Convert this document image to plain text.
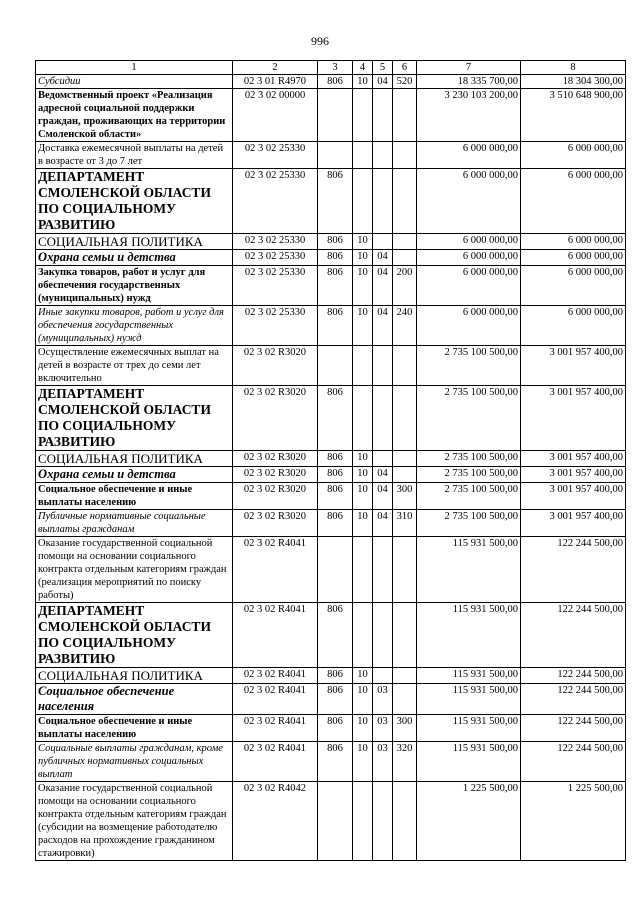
996
1	2	3	4	5	6	7	8
Субсидии	02 3 01 R4970	806	10	04	520	18 335 700,00	18 304 300,00
Ведомственный проект «Реализация адресной социальной поддержки граждан, проживающих на территории Смоленской области»	02 3 02 00000					3 230 103 200,00	3 510 648 900,00
Доставка ежемесячной выплаты на детей в возрасте от 3 до 7 лет	02 3 02 25330					6 000 000,00	6 000 000,00
ДЕПАРТАМЕНТ СМОЛЕНСКОЙ ОБЛАСТИ ПО СОЦИАЛЬНОМУ РАЗВИТИЮ	02 3 02 25330	806				6 000 000,00	6 000 000,00
СОЦИАЛЬНАЯ ПОЛИТИКА	02 3 02 25330	806	10			6 000 000,00	6 000 000,00
Охрана семьи и детства	02 3 02 25330	806	10	04		6 000 000,00	6 000 000,00
Закупка товаров, работ и услуг для обеспечения государственных (муниципальных) нужд	02 3 02 25330	806	10	04	200	6 000 000,00	6 000 000,00
Иные закупки товаров, работ и услуг для обеспечения государственных (муниципальных) нужд	02 3 02 25330	806	10	04	240	6 000 000,00	6 000 000,00
Осуществление ежемесячных выплат на детей в возрасте от трех до семи лет включительно	02 3 02 R3020					2 735 100 500,00	3 001 957 400,00
ДЕПАРТАМЕНТ СМОЛЕНСКОЙ ОБЛАСТИ ПО СОЦИАЛЬНОМУ РАЗВИТИЮ	02 3 02 R3020	806				2 735 100 500,00	3 001 957 400,00
СОЦИАЛЬНАЯ ПОЛИТИКА	02 3 02 R3020	806	10			2 735 100 500,00	3 001 957 400,00
Охрана семьи и детства	02 3 02 R3020	806	10	04		2 735 100 500,00	3 001 957 400,00
Социальное обеспечение и иные выплаты населению	02 3 02 R3020	806	10	04	300	2 735 100 500,00	3 001 957 400,00
Публичные нормативные социальные выплаты гражданам	02 3 02 R3020	806	10	04	310	2 735 100 500,00	3 001 957 400,00
Оказание государственной социальной помощи на основании социального контракта отдельным категориям граждан (реализация мероприятий по поиску работы)	02 3 02 R4041					115 931 500,00	122 244 500,00
ДЕПАРТАМЕНТ СМОЛЕНСКОЙ ОБЛАСТИ ПО СОЦИАЛЬНОМУ РАЗВИТИЮ	02 3 02 R4041	806				115 931 500,00	122 244 500,00
СОЦИАЛЬНАЯ ПОЛИТИКА	02 3 02 R4041	806	10			115 931 500,00	122 244 500,00
Социальное обеспечение населения	02 3 02 R4041	806	10	03		115 931 500,00	122 244 500,00
Социальное обеспечение и иные выплаты населению	02 3 02 R4041	806	10	03	300	115 931 500,00	122 244 500,00
Социальные выплаты гражданам, кроме публичных нормативных социальных выплат	02 3 02 R4041	806	10	03	320	115 931 500,00	122 244 500,00
Оказание государственной социальной помощи на основании социального контракта отдельным категориям граждан (субсидии на возмещение работодателю расходов на прохождение гражданином стажировки)	02 3 02 R4042					1 225 500,00	1 225 500,00
